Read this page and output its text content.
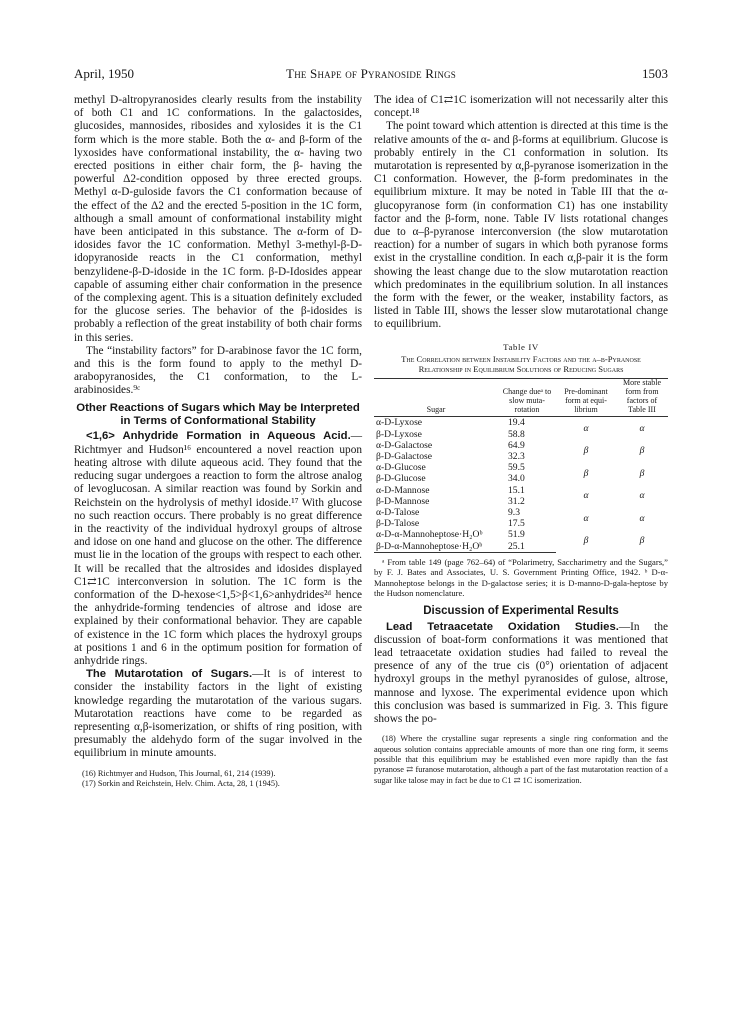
April, 1950	The Shape of Pyranoside Rings	1503

methyl D-altropyranosides clearly results from the instability of both C1 and 1C conformations. In the galactosides, glucosides, mannosides, ribosides and xylosides it is the C1 form which is the more stable. Both the α- and β-form of the lyxosides have conformational instability, the α- having two erected positions in either chair form, the β- having the powerful Δ2-condition opposed by three erected groups. Methyl α-D-guloside favors the C1 conformation because of the effect of the Δ2 and the erected 5-position in the 1C form, although a small amount of conformational instability might have been anticipated in this substance. The α-form of D-idosides favor the 1C conformation. Methyl 3-methyl-β-D-idopyranoside reacts in the C1 conformation, methyl benzylidene-β-D-idoside in the 1C form. β-D-Idosides appear capable of assuming either chair conformation in the presence of the complexing agent. This is a situation definitely excluded for the glucose series. The behavior of the β-idosides is probably a reflection of the great instability of both chair forms in this series.

The “instability factors” for D-arabinose favor the 1C form, and this is the form found to apply to the methyl D-arabopyranosides, the C1 conformation, to the L-arabinosides.⁹ᶜ

Other Reactions of Sugars which May be Interpreted in Terms of Conformational Stability

<1,6> Anhydride Formation in Aqueous Acid.—Richtmyer and Hudson¹⁶ encountered a novel reaction upon heating altrose with dilute aqueous acid. They found that the reducing sugar undergoes a reaction to form the altrose analog of levoglucosan. A similar reaction was found by Sorkin and Reichstein on the hydrolysis of methyl idoside.¹⁷ With glucose no such reaction occurs. There probably is no great difference in the reactivity of the individual hydroxyl groups of altrose and idose on one hand and glucose on the other. The difference must lie in the location of the groups with respect to each other. It will be recalled that the altrosides and idosides displayed C1⇄1C interconversion in solution. The 1C form is the conformation of the D-hexose<1,5>β<1,6>anhydrides²ᵈ hence the anhydride-forming tendencies of altrose and idose are explained by their conformational behavior. They are capable of existence in the 1C form which places the hydroxyl groups at positions 1 and 6 in the optimum position for formation of anhydride rings.

The Mutarotation of Sugars.—It is of interest to consider the instability factors in the light of existing knowledge regarding the mutarotation of the various sugars. Mutarotation reactions have come to be regarded as representing α,β-isomerization, or shifts of ring position, with presumably the aldehydo form of the sugar involved in the equilibrium in minute amounts.

(16) Richtmyer and Hudson, This Journal, 61, 214 (1939).

(17) Sorkin and Reichstein, Helv. Chim. Acta, 28, 1 (1945).

The idea of C1⇄1C isomerization will not necessarily alter this concept.¹⁸

The point toward which attention is directed at this time is the relative amounts of the α- and β-forms at equilibrium. Glucose is probably entirely in the C1 conformation in solution. Its mutarotation is represented by α,β-pyranose isomerization in the C1 conformation. However, the β-form predominates in the equilibrium mixture. It may be noted in Table III that the α-glucopyranose form (in conformation C1) has one instability factor and the β-form, none. Table IV lists rotational changes due to α–β-pyranose interconversion (the slow mutarotation reaction) for a number of sugars in which both pyranose forms exist in the crystalline condition. In each α,β-pair it is the form showing the least change due to the slow mutarotation reaction which predominates in the equilibrium solution. In all instances the form with the fewer, or the weaker, instability factors, as listed in Table III, shows the lesser slow mutarotational change to equilibrium.

Table IV
The Correlation between Instability Factors and the α–β-Pyranose Relationship in Equilibrium Solutions of Reducing Sugars
Sugar	Change dueᵃ to slow muta-rotation	Pre-dominant form at equi-librium	More stable form from factors of Table III
α-D-Lyxose	19.4	α	α
β-D-Lyxose	58.8		
α-D-Galactose	64.9	β	β
β-D-Galactose	32.3		
α-D-Glucose	59.5	β	β
β-D-Glucose	34.0		
α-D-Mannose	15.1	α	α
β-D-Mannose	31.2		
α-D-Talose	9.3	α	α
β-D-Talose	17.5		
α-D-α-Mannoheptose·H₂Oᵇ	51.9	β	β
β-D-α-Mannoheptose·H₂Oᵇ	25.1		

ᵃ From table 149 (page 762–64) of “Polarimetry, Saccharimetry and the Sugars,” by F. J. Bates and Associates, U. S. Government Printing Office, 1942. ᵇ D-α-Mannoheptose belongs in the D-galactose series; it is D-manno-D-gala-heptose by the Hudson nomenclature.

Discussion of Experimental Results

Lead Tetraacetate Oxidation Studies.—In the discussion of boat-form conformations it was mentioned that lead tetraacetate oxidation studies had failed to reveal the presence of any of the true cis (0°) orientation of adjacent hydroxyl groups in the methyl pyranosides of gulose, altrose, mannose and lyxose. The experimental evidence upon which this conclusion was based is summarized in Fig. 3. This figure shows the po-

(18) Where the crystalline sugar represents a single ring conformation and the aqueous solution contains appreciable amounts of more than one ring form, it seems possible that this equilibrium may be established even more rapidly than the fast pyranose ⇄ furanose mutarotation, although a part of the fast mutarotation reaction of a sugar like talose may in fact be due to C1 ⇄ 1C isomerization.
